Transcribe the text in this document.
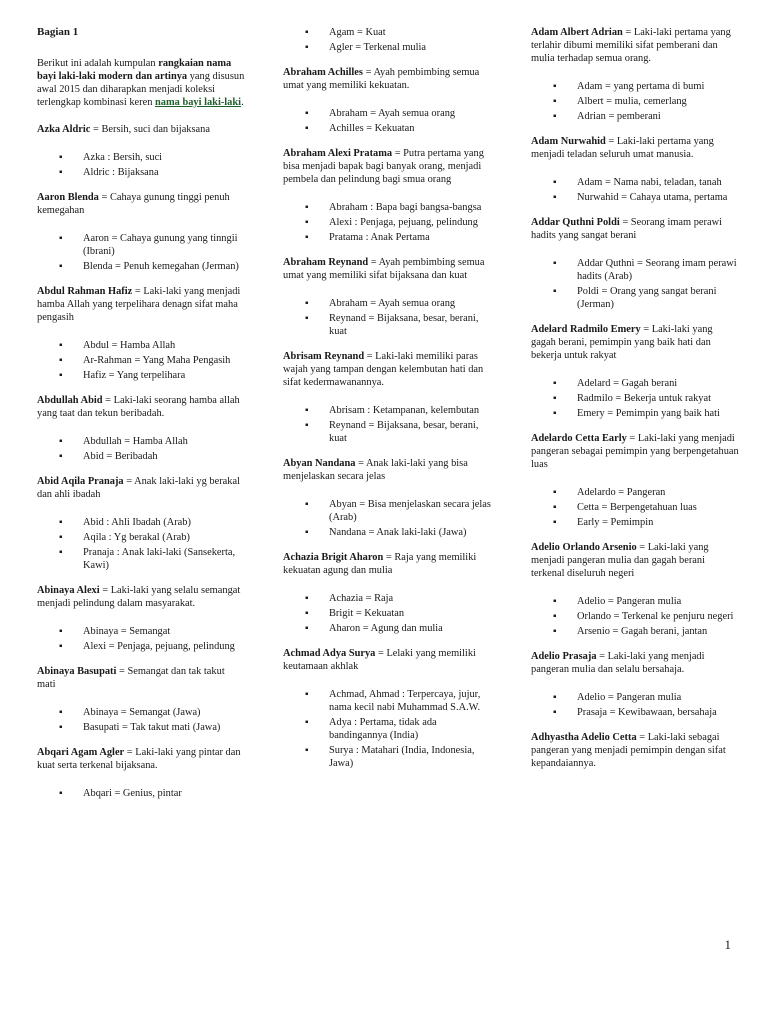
Bagian 1

Berikut ini adalah kumpulan rangkaian nama bayi laki-laki modern dan artinya yang disusun awal 2015 dan diharapkan menjadi koleksi terlengkap kombinasi keren nama bayi laki-laki.

Azka Aldric = Bersih, suci dan bijaksana

▪ Azka : Bersih, suci
▪ Aldric : Bijaksana

Aaron Blenda = Cahaya gunung tinggi penuh kemegahan

▪ Aaron = Cahaya gunung yang tinngii (Ibrani)
▪ Blenda = Penuh kemegahan (Jerman)

Abdul Rahman Hafiz = Laki-laki yang menjadi hamba Allah yang terpelihara denagn sifat maha pengasih

▪ Abdul = Hamba Allah
▪ Ar-Rahman = Yang Maha Pengasih
▪ Hafiz = Yang terpelihara

Abdullah Abid = Laki-laki seorang hamba allah yang taat dan tekun beribadah.

▪ Abdullah = Hamba Allah
▪ Abid = Beribadah

Abid Aqila Pranaja = Anak laki-laki yg berakal dan ahli ibadah

▪ Abid : Ahli Ibadah (Arab)
▪ Aqila : Yg berakal (Arab)
▪ Pranaja : Anak laki-laki (Sansekerta, Kawi)

Abinaya Alexi = Laki-laki yang selalu semangat menjadi pelindung dalam masyarakat.

▪ Abinaya = Semangat
▪ Alexi = Penjaga, pejuang, pelindung

Abinaya Basupati = Semangat dan tak takut mati

▪ Abinaya = Semangat (Jawa)
▪ Basupati = Tak takut mati (Jawa)

Abqari Agam Agler = Laki-laki yang pintar dan kuat serta terkenal bijaksana.

▪ Abqari = Genius, pintar
▪ Agam = Kuat
▪ Agler = Terkenal mulia

Abraham Achilles = Ayah pembimbing semua umat yang memiliki kekuatan.

▪ Abraham = Ayah semua orang
▪ Achilles = Kekuatan

Abraham Alexi Pratama = Putra pertama yang bisa menjadi bapak bagi banyak orang, menjadi pembela dan pelindung bagi smua orang

▪ Abraham : Bapa bagi bangsa-bangsa
▪ Alexi : Penjaga, pejuang, pelindung
▪ Pratama : Anak Pertama

Abraham Reynand = Ayah pembimbing semua umat yang memiliki sifat bijaksana dan kuat

▪ Abraham = Ayah semua orang
▪ Reynand = Bijaksana, besar, berani, kuat

Abrisam Reynand = Laki-laki memiliki paras wajah yang tampan dengan kelembutan hati dan sifat kedermawanannya.

▪ Abrisam : Ketampanan, kelembutan
▪ Reynand = Bijaksana, besar, berani, kuat

Abyan Nandana = Anak laki-laki yang bisa menjelaskan secara jelas

▪ Abyan = Bisa menjelaskan secara jelas (Arab)
▪ Nandana = Anak laki-laki (Jawa)

Achazia Brigit Aharon = Raja yang memiliki kekuatan agung dan mulia

▪ Achazia = Raja
▪ Brigit = Kekuatan
▪ Aharon = Agung dan mulia

Achmad Adya Surya = Lelaki yang memiliki keutamaan akhlak

▪ Achmad, Ahmad : Terpercaya, jujur, nama kecil nabi Muhammad S.A.W.
▪ Adya : Pertama, tidak ada bandingannya (India)
▪ Surya : Matahari (India, Indonesia, Jawa)

Adam Albert Adrian = Laki-laki pertama yang terlahir dibumi memiliki sifat pemberani dan mulia terhadap semua orang.

▪ Adam = yang pertama di bumi
▪ Albert = mulia, cemerlang
▪ Adrian = pemberani

Adam Nurwahid = Laki-laki pertama yang menjadi teladan seluruh umat manusia.

▪ Adam = Nama nabi, teladan, tanah
▪ Nurwahid = Cahaya utama, pertama

Addar Quthni Poldi = Seorang imam perawi hadits yang sangat berani

▪ Addar Quthni = Seorang imam perawi hadits (Arab)
▪ Poldi = Orang yang sangat berani (Jerman)

Adelard Radmilo Emery = Laki-laki yang gagah berani, pemimpin yang baik hati dan bekerja untuk rakyat

▪ Adelard = Gagah berani
▪ Radmilo = Bekerja untuk rakyat
▪ Emery = Pemimpin yang baik hati

Adelardo Cetta Early = Laki-laki yang menjadi pangeran sebagai pemimpin yang berpengetahuan luas

▪ Adelardo = Pangeran
▪ Cetta = Berpengetahuan luas
▪ Early = Pemimpin

Adelio Orlando Arsenio = Laki-laki yang menjadi pangeran mulia dan gagah berani terkenal diseluruh negeri

▪ Adelio = Pangeran mulia
▪ Orlando = Terkenal ke penjuru negeri
▪ Arsenio = Gagah berani, jantan

Adelio Prasaja = Laki-laki yang menjadi pangeran mulia dan selalu bersahaja.

▪ Adelio = Pangeran mulia
▪ Prasaja = Kewibawaan, bersahaja

Adhyastha Adelio Cetta = Laki-laki sebagai pangeran yang menjadi pemimpin dengan sifat kepandaiannya.

1
